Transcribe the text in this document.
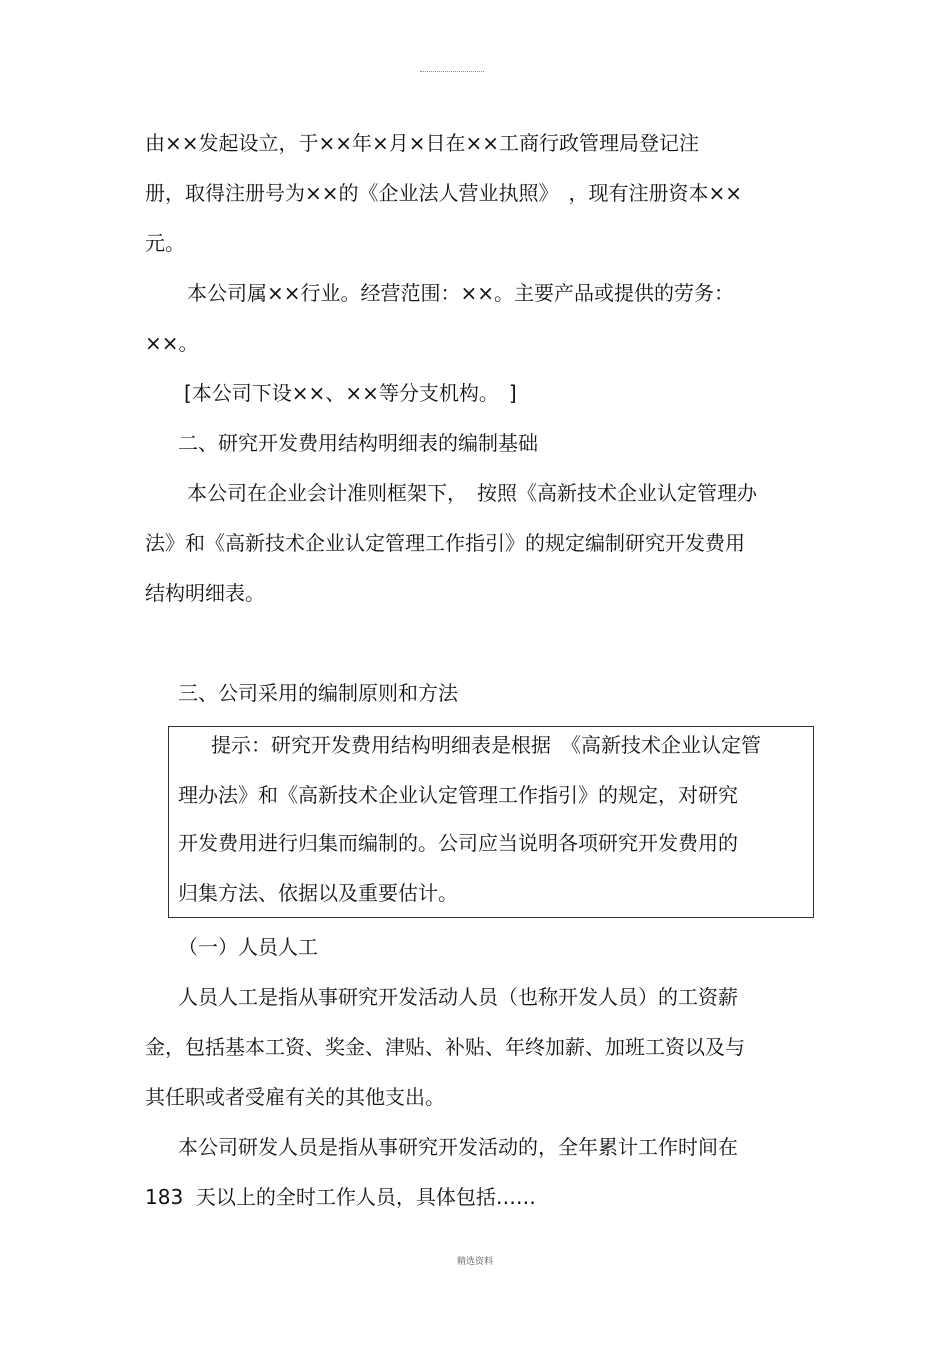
由××发起设立，于××年×月×日在××工商行政管理局登记注
册，取得注册号为××的《企业法人营业执照》　，现有注册资本××
元。
本公司属××行业。经营范围：××。主要产品或提供的劳务：
××。
[本公司下设××、××等分支机构。　]
二、研究开发费用结构明细表的编制基础
本公司在企业会计准则框架下，　按照《高新技术企业认定管理办
法》和《高新技术企业认定管理工作指引》的规定编制研究开发费用
结构明细表。
三、公司采用的编制原则和方法
提示：研究开发费用结构明细表是根据　《高新技术企业认定管
理办法》和《高新技术企业认定管理工作指引》的规定，对研究
开发费用进行归集而编制的。公司应当说明各项研究开发费用的
归集方法、依据以及重要估计。
（一）人员人工
人员人工是指从事研究开发活动人员（也称开发人员）的工资薪
金，包括基本工资、奖金、津贴、补贴、年终加薪、加班工资以及与
其任职或者受雇有关的其他支出。
本公司研发人员是指从事研究开发活动的，全年累计工作时间在
183  天以上的全时工作人员，具体包括……
精选资料
